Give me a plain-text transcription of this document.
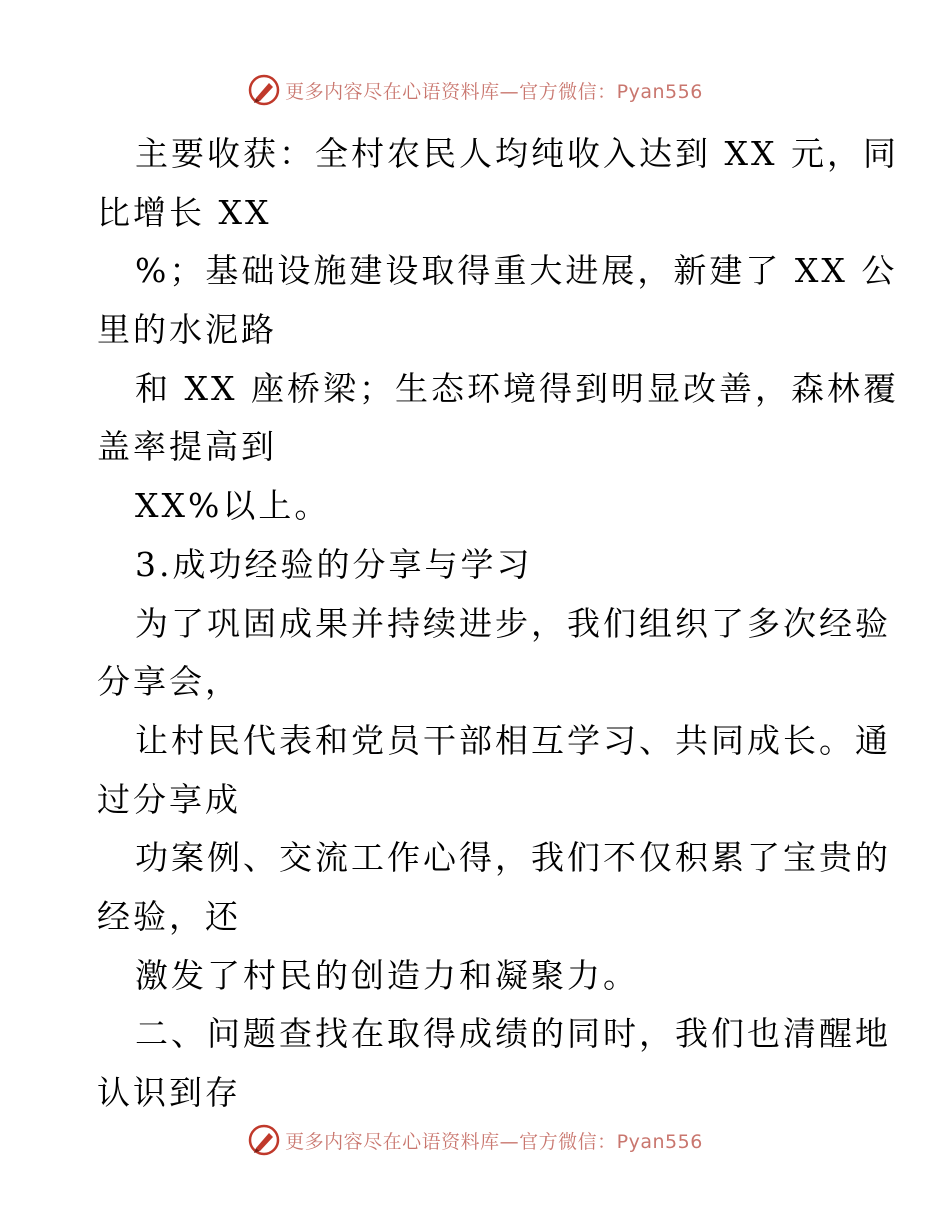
更多内容尽在心语资料库—官方微信：Pyan556
主要收获：全村农民人均纯收入达到 XX 元，同
比增长 XX
%；基础设施建设取得重大进展，新建了 XX 公
里的水泥路
和 XX 座桥梁；生态环境得到明显改善，森林覆
盖率提高到
XX%以上。
3.成功经验的分享与学习
为了巩固成果并持续进步，我们组织了多次经验
分享会，
让村民代表和党员干部相互学习、共同成长。通
过分享成
功案例、交流工作心得，我们不仅积累了宝贵的
经验，还
激发了村民的创造力和凝聚力。
二、问题查找在取得成绩的同时，我们也清醒地
认识到存
更多内容尽在心语资料库—官方微信：Pyan556
